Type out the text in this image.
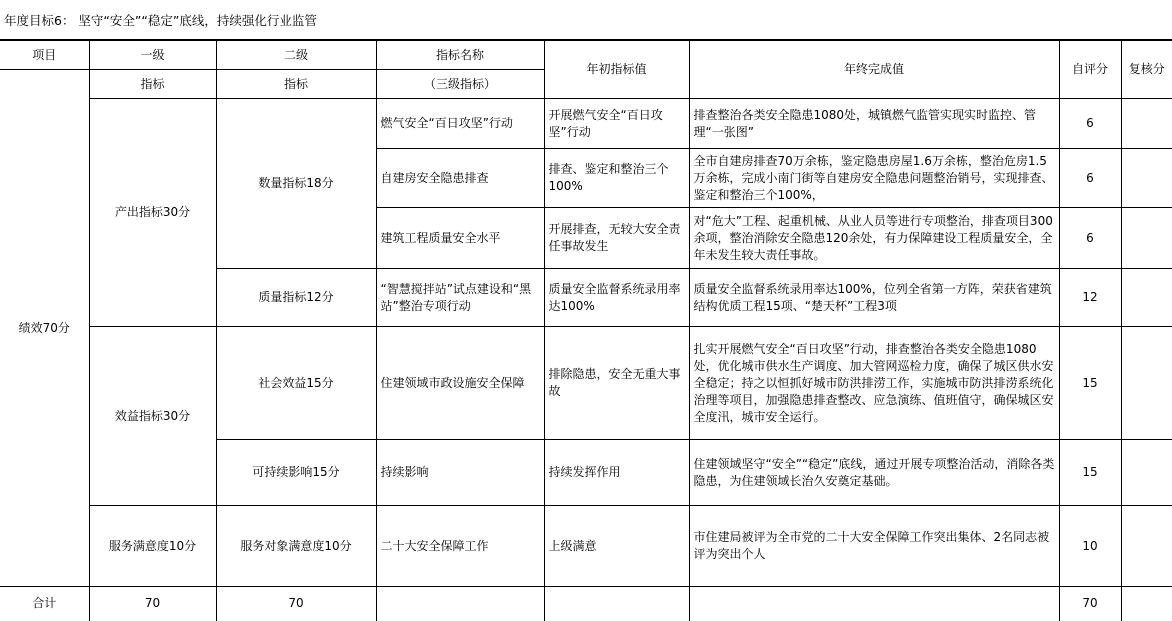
年度目标6： 坚守“安全”“稳定”底线，持续强化行业监管
项目	一级	二级	指标名称	年初指标值	年终完成值	自评分	复核分
绩效70分	指标	指标	（三级指标）				
	产出指标30分	数量指标18分	燃气安全“百日攻坚”行动	开展燃气安全“百日攻坚”行动	排查整治各类安全隐患1080处，城镇燃气监管实现实时监控、管理“一张图”	6	
			自建房安全隐患排查	排查、鉴定和整治三个100%	全市自建房排查70万余栋，鉴定隐患房屋1.6万余栋，整治危房1.5万余栋，完成小南门街等自建房安全隐患问题整治销号，实现排查、鉴定和整治三个100%，	6	
			建筑工程质量安全水平	开展排查，无较大安全责任事故发生	对“危大”工程、起重机械、从业人员等进行专项整治，排查项目300余项，整治消除安全隐患120余处，有力保障建设工程质量安全，全年未发生较大责任事故。	6	
		质量指标12分	“智慧搅拌站”试点建设和“黑站”整治专项行动	质量安全监督系统录用率达100%	质量安全监督系统录用率达100%，位列全省第一方阵，荣获省建筑结构优质工程15项、“楚天杯”工程3项	12	
	效益指标30分	社会效益15分	住建领域市政设施安全保障	排除隐患，安全无重大事故	扎实开展燃气安全“百日攻坚”行动，排查整治各类安全隐患1080处，优化城市供水生产调度、加大管网巡检力度，确保了城区供水安全稳定；持之以恒抓好城市防洪排涝工作，实施城市防洪排涝系统化治理等项目，加强隐患排查整改、应急演练、值班值守，确保城区安全度汛，城市安全运行。	15	
		可持续影响15分	持续影响	持续发挥作用	住建领域坚守“安全”“稳定”底线，通过开展专项整治活动，消除各类隐患，为住建领域长治久安奠定基础。	15	
	服务满意度10分	服务对象满意度10分	二十大安全保障工作	上级满意	市住建局被评为全市党的二十大安全保障工作突出集体、2名同志被评为突出个人	10	
合计	70	70				70	
